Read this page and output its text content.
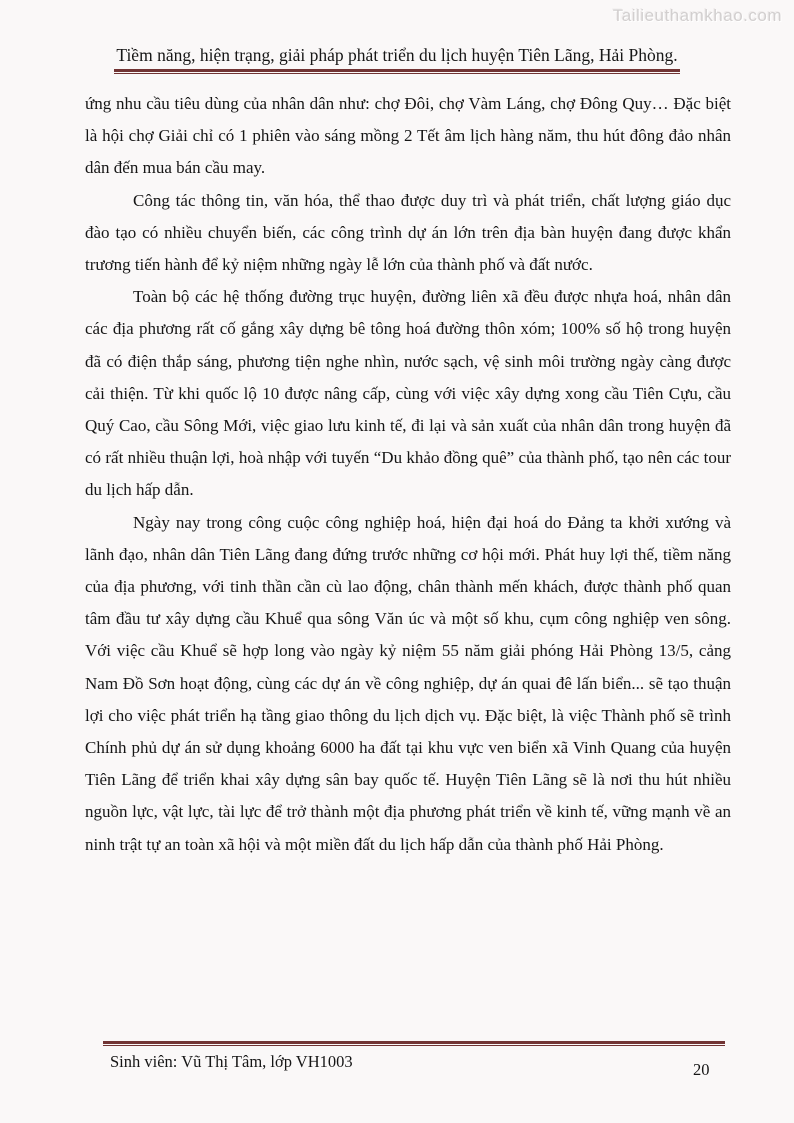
Tailieuthamkhao.com
Tiềm năng, hiện trạng, giải pháp phát triển du lịch huyện Tiên Lãng, Hải Phòng.

ứng nhu cầu tiêu dùng của nhân dân như: chợ Đôi, chợ Vàm Láng, chợ Đông Quy… Đặc biệt là hội chợ Giải chỉ có 1 phiên vào sáng mồng 2 Tết âm lịch hàng năm, thu hút đông đảo nhân dân đến mua bán cầu may.

Công tác thông tin, văn hóa, thể thao được duy trì và phát triển, chất lượng giáo dục đào tạo có nhiều chuyển biến, các công trình dự án lớn trên địa bàn huyện đang được khẩn trương tiến hành để kỷ niệm những ngày lễ lớn của thành phố và đất nước.

Toàn bộ các hệ thống đường trục huyện, đường liên xã đều được nhựa hoá, nhân dân các địa phương rất cố gắng xây dựng bê tông hoá đường thôn xóm; 100% số hộ trong huyện đã có điện thắp sáng, phương tiện nghe nhìn, nước sạch, vệ sinh môi trường ngày càng được cải thiện. Từ khi quốc lộ 10 được nâng cấp, cùng với việc xây dựng xong cầu Tiên Cựu, cầu Quý Cao, cầu Sông Mới, việc giao lưu kinh tế, đi lại và sản xuất của nhân dân trong huyện đã có rất nhiều thuận lợi, hoà nhập với tuyến “Du khảo đồng quê” của thành phố, tạo nên các tour du lịch hấp dẫn.

Ngày nay trong công cuộc công nghiệp hoá, hiện đại hoá do Đảng ta khởi xướng và lãnh đạo, nhân dân Tiên Lãng đang đứng trước những cơ hội mới. Phát huy lợi thế, tiềm năng của địa phương, với tinh thần cần cù lao động, chân thành mến khách, được thành phố quan tâm đầu tư xây dựng cầu Khuể qua sông Văn úc và một số khu, cụm công nghiệp ven sông. Với việc cầu Khuể sẽ hợp long vào ngày kỷ niệm 55 năm giải phóng Hải Phòng 13/5, cảng Nam Đồ Sơn hoạt động, cùng các dự án về công nghiệp, dự án quai đê lấn biển... sẽ tạo thuận lợi cho việc phát triển hạ tầng giao thông du lịch dịch vụ. Đặc biệt, là việc Thành phố sẽ trình Chính phủ dự án sử dụng khoảng 6000 ha đất tại khu vực ven biển xã Vinh Quang của huyện Tiên Lãng để triển khai xây dựng sân bay quốc tế. Huyện Tiên Lãng sẽ là nơi thu hút nhiều nguồn lực, vật lực, tài lực để trở thành một địa phương phát triển về kinh tế, vững mạnh về an ninh trật tự an toàn xã hội và một miền đất du lịch hấp dẫn của thành phố Hải Phòng.

Sinh viên: Vũ Thị Tâm, lớp VH1003	20
